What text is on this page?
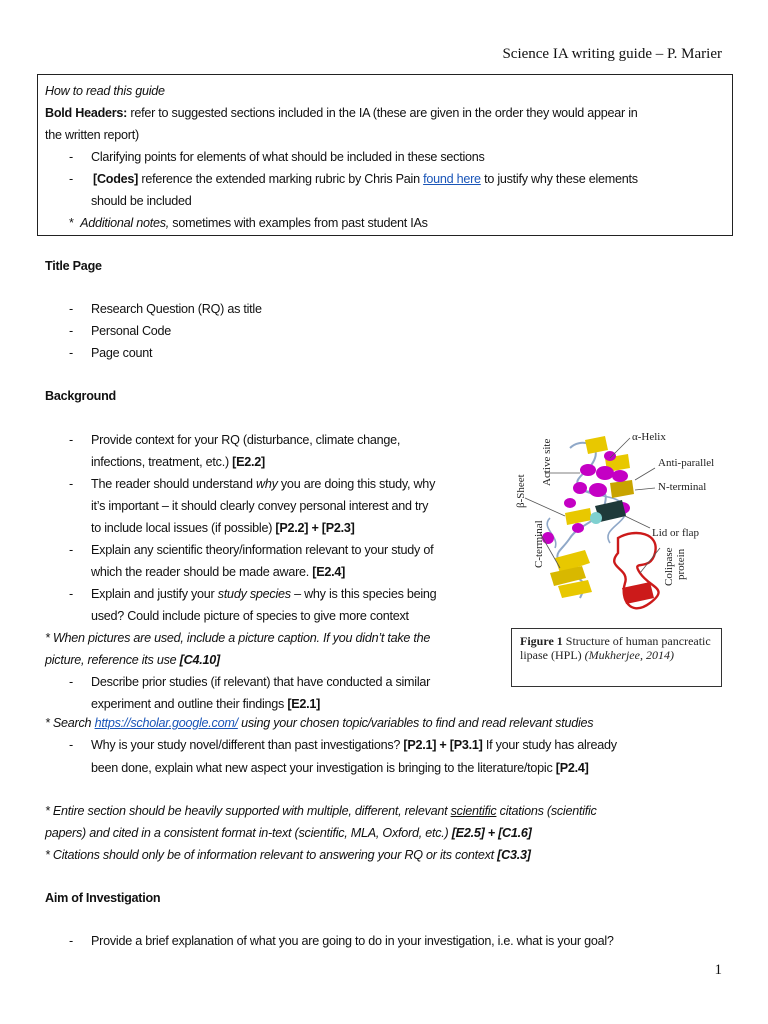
Science IA writing guide – P. Marier
How to read this guide
Bold Headers: refer to suggested sections included in the IA (these are given in the order they would appear in
the written report)
- Clarifying points for elements of what should be included in these sections
- [Codes] reference the extended marking rubric by Chris Pain found here to justify why these elements
should be included
* Additional notes, sometimes with examples from past student IAs
Title Page
- Research Question (RQ) as title
- Personal Code
- Page count
Background
- Provide context for your RQ (disturbance, climate change,
infections, treatment, etc.) [E2.2]
- The reader should understand why you are doing this study, why
it’s important – it should clearly convey personal interest and try
to include local issues (if possible) [P2.2] + [P2.3]
- Explain any scientific theory/information relevant to your study of
which the reader should be made aware. [E2.4]
- Explain and justify your study species – why is this species being
used? Could include picture of species to give more context
* When pictures are used, include a picture caption. If you didn’t take the
picture, reference its use [C4.10]
- Describe prior studies (if relevant) that have conducted a similar
experiment and outline their findings [E2.1]
* Search https://scholar.google.com/ using your chosen topic/variables to find and read relevant studies
- Why is your study novel/different than past investigations? [P2.1] + [P3.1] If your study has already
been done, explain what new aspect your investigation is bringing to the literature/topic [P2.4]
* Entire section should be heavily supported with multiple, different, relevant scientific citations (scientific
papers) and cited in a consistent format in-text (scientific, MLA, Oxford, etc.) [E2.5] + [C1.6]
* Citations should only be of information relevant to answering your RQ or its context [C3.3]
Aim of Investigation
- Provide a brief explanation of what you are going to do in your investigation, i.e. what is your goal?
α-Helix
Anti-parallel
N-terminal
Lid or flap
Active site
β-Sheet
C-terminal	Colipase protein
Figure 1 Structure of human pancreatic lipase (HPL) (Mukherjee, 2014)
1
